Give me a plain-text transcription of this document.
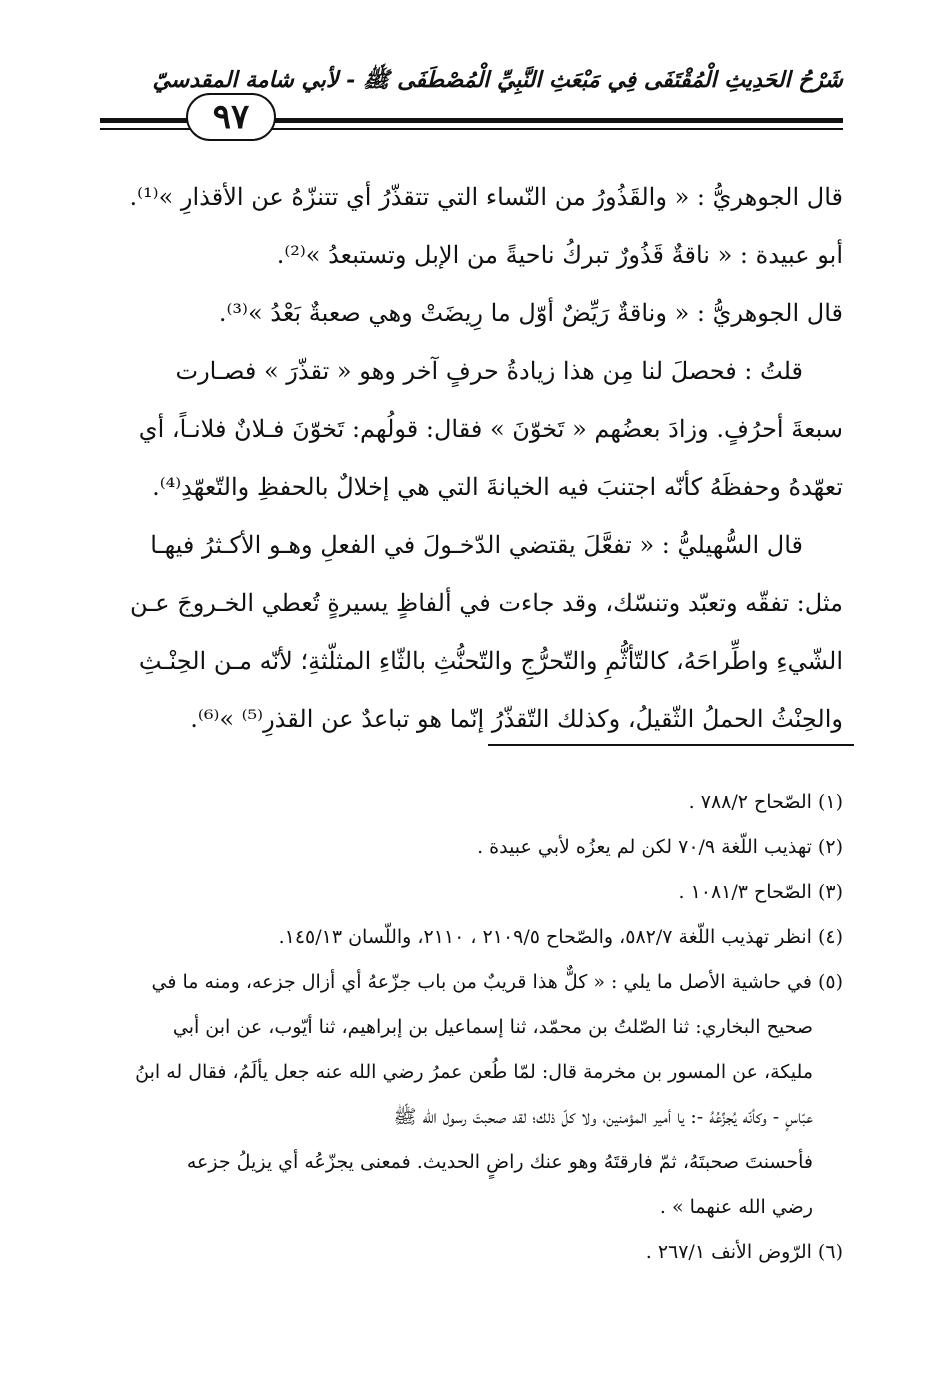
شَرْحُ الحَدِيثِ الْمُقْتَفَى فِي مَبْعَثِ النَّبِيِّ الْمُصْطَفَى ﷺ - لأبي شامة المقدسيّ
٩٧
قال الجوهريُّ : « والقَذُورُ من النّساء التي تتقذّرُ أي تتنزّهُ عن الأقذارِ »⁽¹⁾.
أبو عبيدة : « ناقةٌ قَذُورٌ تبركُ ناحيةً من الإبل وتستبعدُ »⁽²⁾.
قال الجوهريُّ : « وناقةٌ رَيِّضٌ أوّل ما رِيضَتْ وهي صعبةٌ بَعْدُ »⁽³⁾.
قلتُ : فحصلَ لنا مِن هذا زيادةُ حرفٍ آخر وهو « تقذّرَ » فصـارت
سبعةَ أحرُفٍ. وزادَ بعضُهم « تَخوّنَ » فقال: قولُهم: تَخوّنَ فـلانٌ فلانـاً، أي
تعهّدهُ وحفظَهُ كأنّه اجتنبَ فيه الخيانةَ التي هي إخلالٌ بالحفظِ والتّعهّدِ⁽⁴⁾.
قال السُّهيليُّ : « تفعَّلَ يقتضي الدّخـولَ في الفعلِ وهـو الأكـثرُ فيهـا
مثل: تفقّه وتعبّد وتنسّك، وقد جاءت في ألفاظٍ يسيرةٍ تُعطي الخـروجَ عـن
الشّيءِ واطِّراحَهُ، كالتّأثُّمِ والتّحرُّجِ والتّحنُّثِ بالثّاءِ المثلّثةِ؛ لأنّه مـن الحِنْـثِ
والحِنْثُ الحملُ الثّقيلُ، وكذلك التّقذّرُ إنّما هو تباعدٌ عن القذرِ⁽⁵⁾ »⁽⁶⁾.
(١) الصّحاح ٧٨٨/٢ .
(٢) تهذيب اللّغة ٧٠/٩ لكن لم يعزُه لأبي عبيدة .
(٣) الصّحاح ١٠٨١/٣ .
(٤) انظر تهذيب اللّغة ٥٨٢/٧، والصّحاح ٢١٠٩/٥ ، ٢١١٠، واللّسان ١٤٥/١٣.
(٥) في حاشية الأصل ما يلي : « كلٌّ هذا قريبٌ من باب جزّعهُ أي أزال جزعه، ومنه ما في
صحيح البخاري: ثنا الصّلتُ بن محمّد، ثنا إسماعيل بن إبراهيم، ثنا أيّوب، عن ابن أبي
مليكة، عن المسور بن مخرمة قال: لمّا طُعن عمرُ رضي الله عنه جعل يألَمُ، فقال له ابنُ
عبّاسٍ - وكأنّه يُجزِّعُهُ -: يا أمير المؤمنين، ولا كلّ ذلك؛ لقد صحبتَ رسول الله ﷺ
فأحسنتَ صحبتَهُ، ثمّ فارقتَهُ وهو عنك راضٍ الحديث. فمعنى يجزّعُه أي يزيلُ جزعه
رضي الله عنهما » .
(٦) الرّوض الأنف ٢٦٧/١ .
